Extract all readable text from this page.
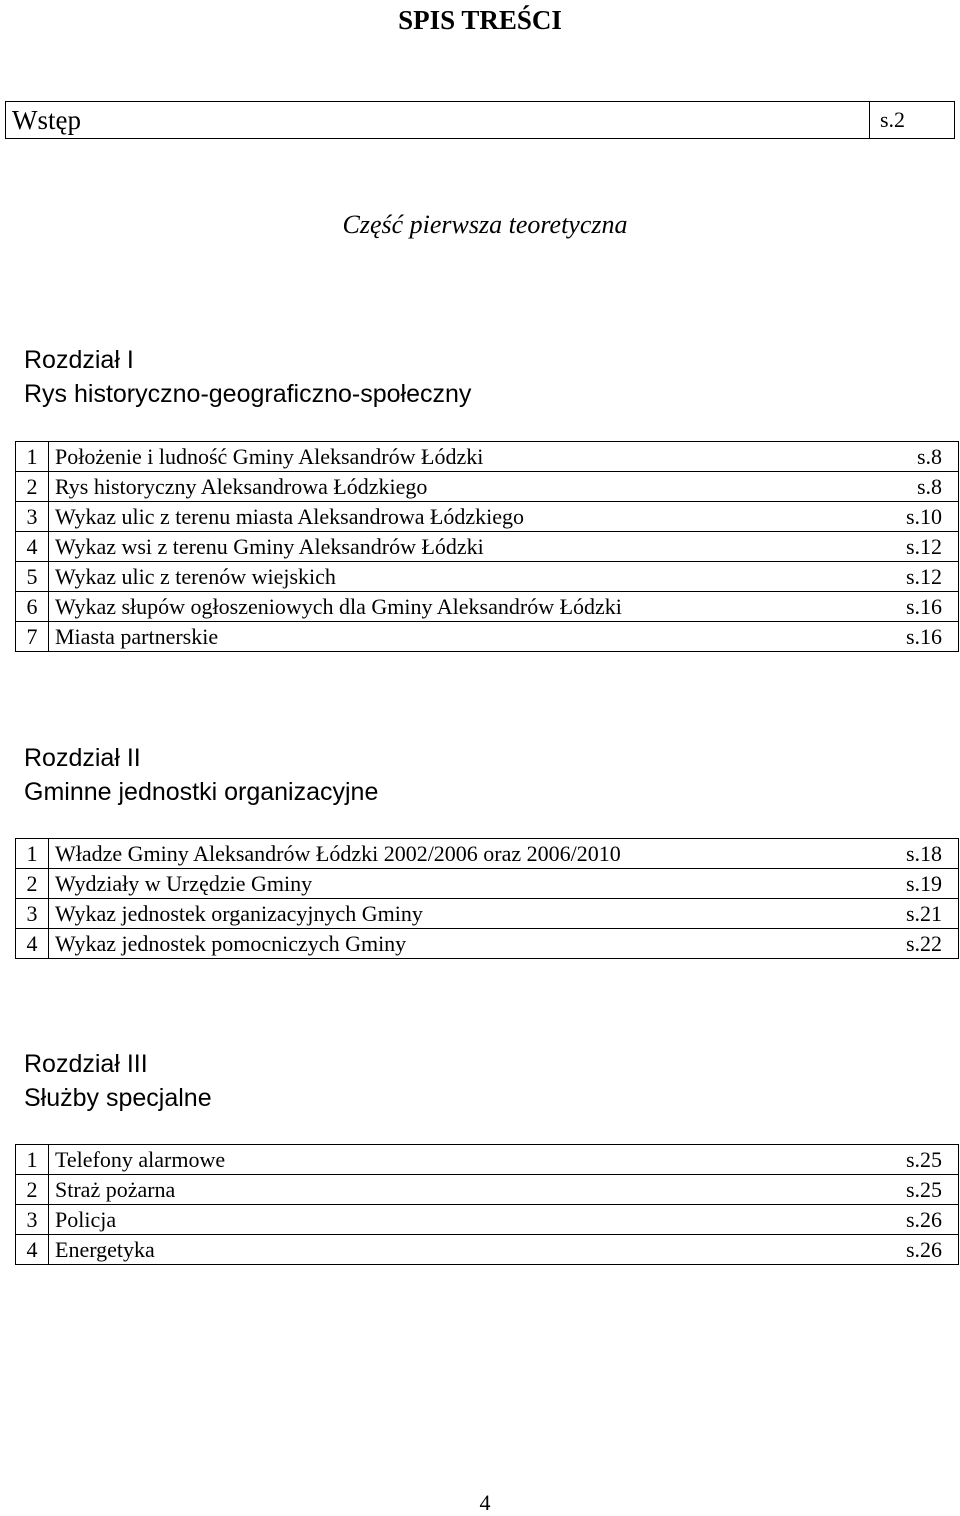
SPIS TREŚCI
Wstęp	s.2
Część pierwsza teoretyczna
Rozdział I
Rys historyczno-geograficzno-społeczny
1	Położenie i ludność Gminy Aleksandrów Łódzki	s.8
2	Rys historyczny Aleksandrowa Łódzkiego	s.8
3	Wykaz ulic z terenu miasta Aleksandrowa Łódzkiego	s.10
4	Wykaz wsi z terenu Gminy Aleksandrów Łódzki	s.12
5	Wykaz ulic z terenów wiejskich	s.12
6	Wykaz słupów ogłoszeniowych dla Gminy Aleksandrów Łódzki	s.16
7	Miasta partnerskie	s.16
Rozdział II
Gminne jednostki organizacyjne
1	Władze Gminy Aleksandrów Łódzki 2002/2006 oraz 2006/2010	s.18
2	Wydziały w Urzędzie Gminy	s.19
3	Wykaz jednostek organizacyjnych Gminy	s.21
4	Wykaz jednostek pomocniczych Gminy	s.22
Rozdział III
Służby specjalne
1	Telefony alarmowe	s.25
2	Straż pożarna	s.25
3	Policja	s.26
4	Energetyka	s.26
4
